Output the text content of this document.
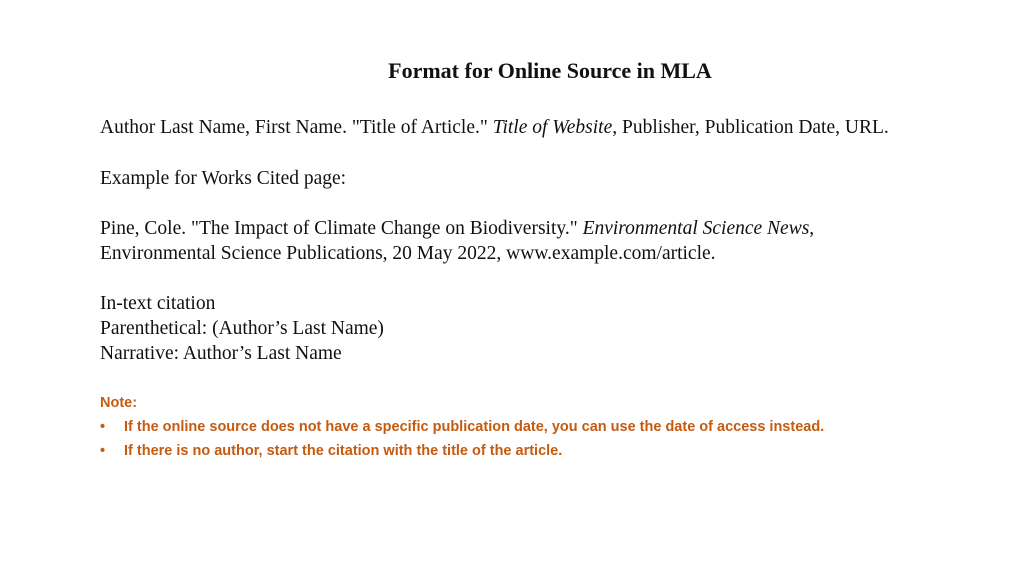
Format for Online Source in MLA
Author Last Name, First Name. "Title of Article." Title of Website, Publisher, Publication Date, URL.
Example for Works Cited page:
Pine, Cole. "The Impact of Climate Change on Biodiversity." Environmental Science News,
Environmental Science Publications, 20 May 2022, www.example.com/article.
In-text citation
Parenthetical: (Author’s Last Name)
Narrative: Author’s Last Name
Note:
• If the online source does not have a specific publication date, you can use the date of access instead.
• If there is no author, start the citation with the title of the article.
